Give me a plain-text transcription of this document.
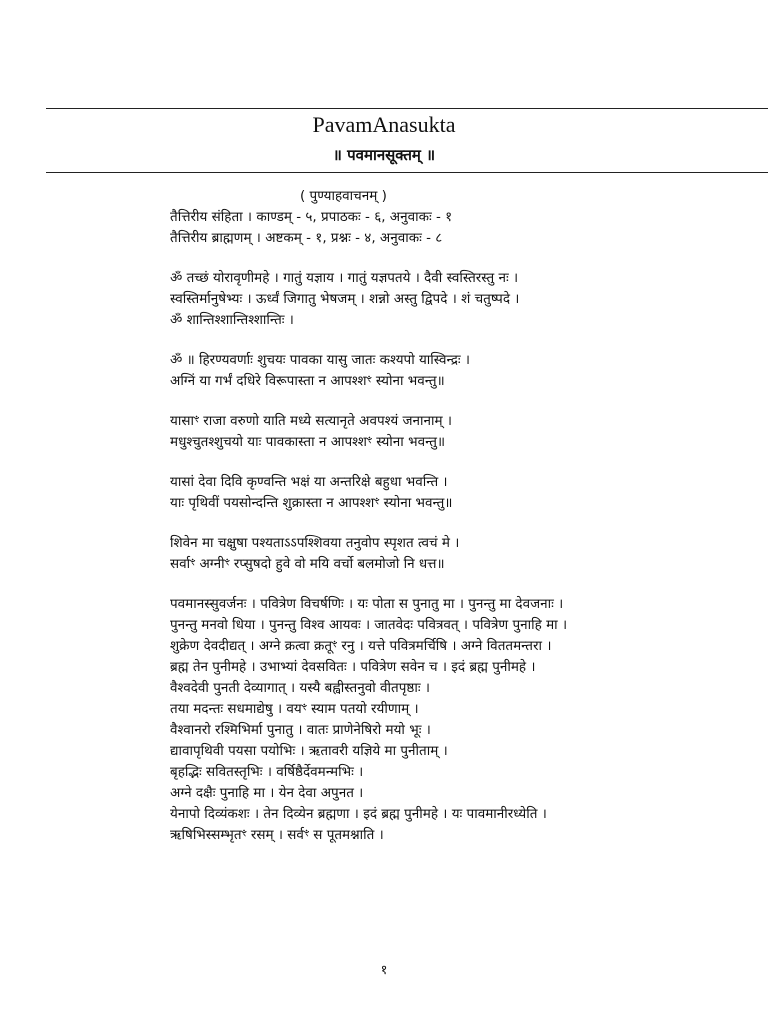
PavamAnasukta
॥ पवमानसूक्तम् ॥
( पुण्याहवाचनम् )
तैत्तिरीय संहिता । काण्डम् - ५, प्रपाठकः - ६, अनुवाकः - १
तैत्तिरीय ब्राह्मणम् । अष्टकम् - १, प्रश्नः - ४, अनुवाकः - ८
ॐ तच्छं योरावृणीमहे । गातुं यज्ञाय । गातुं यज्ञपतये । दैवी स्वस्तिरस्तु नः ।
स्वस्तिर्मानुषेभ्यः । ऊर्ध्वं जिगातु भेषजम् । शन्नो अस्तु द्विपदे । शं चतुष्पदे ।
ॐ शान्तिश्शान्तिश्शान्तिः ।
ॐ ॥ हिरण्यवर्णाः शुचयः पावका यासु जातः कश्यपो यास्विन्द्रः ।
अग्निं या गर्भं दधिरे विरूपास्ता न आपश्शꣳ स्योना भवन्तु॥
यासाꣳ राजा वरुणो याति मध्ये सत्यानृते अवपश्यं जनानाम् ।
मधुश्चुतश्शुचयो याः पावकास्ता न आपश्शꣳ स्योना भवन्तु॥
यासां देवा दिवि कृण्वन्ति भक्षं या अन्तरिक्षे बहुधा भवन्ति ।
याः पृथिवीं पयसोन्दन्ति शुक्रास्ता न आपश्शꣳ स्योना भवन्तु॥
शिवेन मा चक्षुषा पश्यताऽऽपश्शिवया तनुवोप स्पृशत त्वचं मे ।
सर्वाꣳ अग्नीꣳ रप्सुषदो हुवे वो मयि वर्चो बलमोजो नि धत्त॥
पवमानस्सुवर्जनः । पवित्रेण विचर्षणिः । यः पोता स पुनातु मा । पुनन्तु मा देवजनाः ।
पुनन्तु मनवो धिया । पुनन्तु विश्व आयवः । जातवेदः पवित्रवत् । पवित्रेण पुनाहि मा ।
शुक्रेण देवदीद्यत् । अग्ने क्रत्वा क्रतूꣳ रनु । यत्ते पवित्रमर्चिषि । अग्ने विततमन्तरा ।
ब्रह्म तेन पुनीमहे । उभाभ्यां देवसवितः । पवित्रेण सवेन च । इदं ब्रह्म पुनीमहे ।
वैश्वदेवी पुनती देव्यागात् । यस्यै बह्वीस्तनुवो वीतपृष्ठाः ।
तया मदन्तः सधमाद्येषु । वयꣳ स्याम पतयो रयीणाम् ।
वैश्वानरो रश्मिभिर्मा पुनातु । वातः प्राणेनेषिरो मयो भूः ।
द्यावापृथिवी पयसा पयोभिः । ऋतावरी यज्ञिये मा पुनीताम् ।
बृहद्भिः सवितस्तृभिः । वर्षिष्ठैर्देवमन्मभिः ।
अग्ने दक्षैः पुनाहि मा । येन देवा अपुनत ।
येनापो दिव्यंकशः । तेन दिव्येन ब्रह्मणा । इदं ब्रह्म पुनीमहे । यः पावमानीरध्येति ।
ऋषिभिस्सम्भृतꣳ रसम् । सर्वꣳ स पूतमश्नाति ।
१
